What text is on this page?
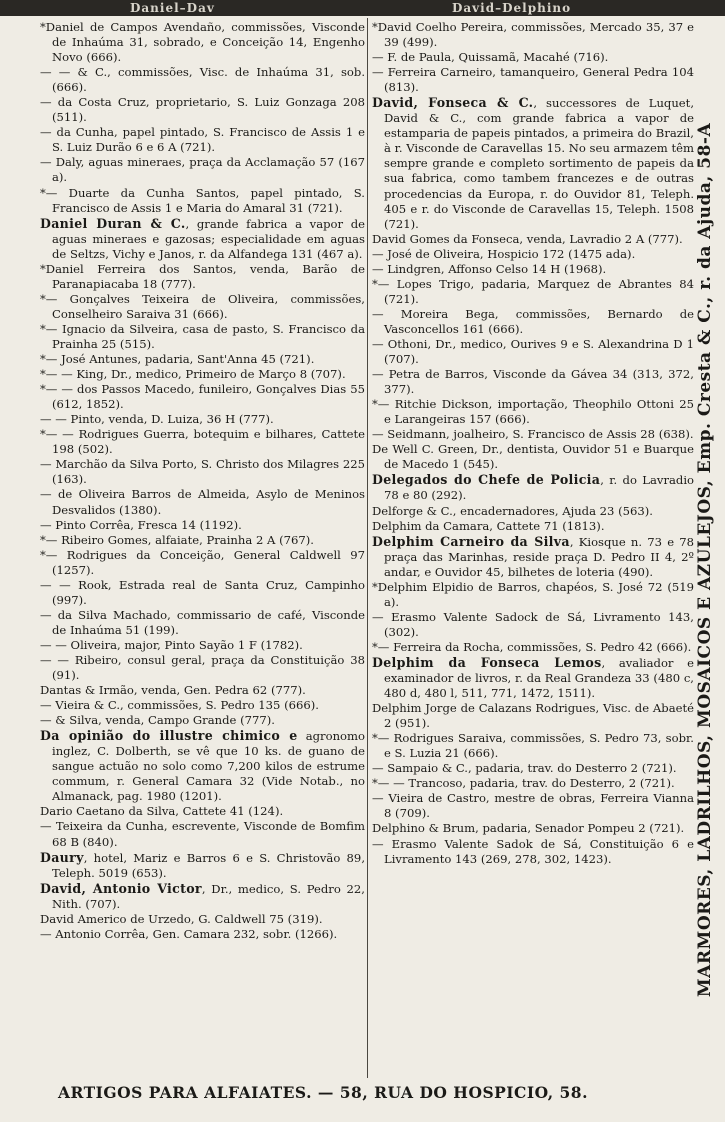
Daniel–Dav	David–Delphino

*Daniel de Campos Avendaño, commissões, Visconde de Inhaúma 31, sobrado, e Conceição 14, Engenho Novo (666).

— — & C., commissões, Visc. de Inhaúma 31, sob. (666).

— da Costa Cruz, proprietario, S. Luiz Gonzaga 208 (511).

— da Cunha, papel pintado, S. Francisco de Assis 1 e S. Luiz Durão 6 e 6 A (721).

— Daly, aguas mineraes, praça da Acclamação 57 (167 a).

*— Duarte da Cunha Santos, papel pintado, S. Francisco de Assis 1 e Maria do Amaral 31 (721).

Daniel Duran & C., grande fabrica a vapor de aguas mineraes e gazosas; especialidade em aguas de Seltzs, Vichy e Janos, r. da Alfandega 131 (467 a).

*Daniel Ferreira dos Santos, venda, Barão de Paranapiacaba 18 (777).

*— Gonçalves Teixeira de Oliveira, commissões, Conselheiro Saraiva 31 (666).

*— Ignacio da Silveira, casa de pasto, S. Francisco da Prainha 25 (515).

*— José Antunes, padaria, Sant'Anna 45 (721).

*— — King, Dr., medico, Primeiro de Março 8 (707).

*— — dos Passos Macedo, funileiro, Gonçalves Dias 55 (612, 1852).

— — Pinto, venda, D. Luiza, 36 H (777).

*— — Rodrigues Guerra, botequim e bilhares, Cattete 198 (502).

— Marchão da Silva Porto, S. Christo dos Milagres 225 (163).

— de Oliveira Barros de Almeida, Asylo de Meninos Desvalidos (1380).

— Pinto Corrêa, Fresca 14 (1192).

*— Ribeiro Gomes, alfaiate, Prainha 2 A (767).

*— Rodrigues da Conceição, General Caldwell 97 (1257).

— — Rook, Estrada real de Santa Cruz, Campinho (997).

— da Silva Machado, commissario de café, Visconde de Inhaúma 51 (199).

— — Oliveira, major, Pinto Sayão 1 F (1782).

— — Ribeiro, consul geral, praça da Constituição 38 (91).

Dantas & Irmão, venda, Gen. Pedra 62 (777).

— Vieira & C., commissões, S. Pedro 135 (666).

— & Silva, venda, Campo Grande (777).

Da opinião do illustre chimico e agronomo inglez, C. Dolberth, se vê que 10 ks. de guano de sangue actuão no solo como 7,200 kilos de estrume commum, r. General Camara 32 (Vide Notab., no Almanack, pag. 1980 (1201).

Dario Caetano da Silva, Cattete 41 (124).

— Teixeira da Cunha, escrevente, Visconde de Bomfim 68 B (840).

Daury, hotel, Mariz e Barros 6 e S. Christovão 89, Teleph. 5019 (653).

David, Antonio Victor, Dr., medico, S. Pedro 22, Nith. (707).

David Americo de Urzedo, G. Caldwell 75 (319).

— Antonio Corrêa, Gen. Camara 232, sobr. (1266).

*David Coelho Pereira, commissões, Mercado 35, 37 e 39 (499).

— F. de Paula, Quissamã, Macahé (716).

— Ferreira Carneiro, tamanqueiro, General Pedra 104 (813).

David, Fonseca & C., successores de Luquet, David & C., com grande fabrica a vapor de estamparia de papeis pintados, a primeira do Brazil, à r. Visconde de Caravellas 15. No seu armazem têm sempre grande e completo sortimento de papeis da sua fabrica, como tambem francezes e de outras procedencias da Europa, r. do Ouvidor 81, Teleph. 405 e r. do Visconde de Caravellas 15, Teleph. 1508 (721).

David Gomes da Fonseca, venda, Lavradio 2 A (777).

— José de Oliveira, Hospicio 172 (1475 ada).

— Lindgren, Affonso Celso 14 H (1968).

*— Lopes Trigo, padaria, Marquez de Abrantes 84 (721).

— Moreira Bega, commissões, Bernardo de Vasconcellos 161 (666).

— Othoni, Dr., medico, Ourives 9 e S. Alexandrina D 1 (707).

— Petra de Barros, Visconde da Gávea 34 (313, 372, 377).

*— Ritchie Dickson, importação, Theophilo Ottoni 25 e Larangeiras 157 (666).

— Seidmann, joalheiro, S. Francisco de Assis 28 (638).

De Well C. Green, Dr., dentista, Ouvidor 51 e Buarque de Macedo 1 (545).

Delegados do Chefe de Policia, r. do Lavradio 78 e 80 (292).

Delforge & C., encadernadores, Ajuda 23 (563).

Delphim da Camara, Cattete 71 (1813).

Delphim Carneiro da Silva, Kiosque n. 73 e 78 praça das Marinhas, reside praça D. Pedro II 4, 2º andar, e Ouvidor 45, bilhetes de loteria (490).

*Delphim Elpidio de Barros, chapéos, S. José 72 (519 a).

— Erasmo Valente Sadock de Sá, Livramento 143, (302).

*— Ferreira da Rocha, commissões, S. Pedro 42 (666).

Delphim da Fonseca Lemos, avaliador e examinador de livros, r. da Real Grandeza 33 (480 c, 480 d, 480 l, 511, 771, 1472, 1511).

Delphim Jorge de Calazans Rodrigues, Visc. de Abaeté 2 (951).

*— Rodrigues Saraiva, commissões, S. Pedro 73, sobr. e S. Luzia 21 (666).

— Sampaio & C., padaria, trav. do Desterro 2 (721).

*— — Trancoso, padaria, trav. do Desterro, 2 (721).

— Vieira de Castro, mestre de obras, Ferreira Vianna 8 (709).

Delphino & Brum, padaria, Senador Pompeu 2 (721).

— Erasmo Valente Sadok de Sá, Constituição 6 e Livramento 143 (269, 278, 302, 1423).	MARMORES, LADRILHOS, MOSAICOS E AZULEJOS, Emp. Cresta & C., r. da Ajuda, 58-A
ARTIGOS PARA ALFAIATES. — 58, RUA DO HOSPICIO, 58.
